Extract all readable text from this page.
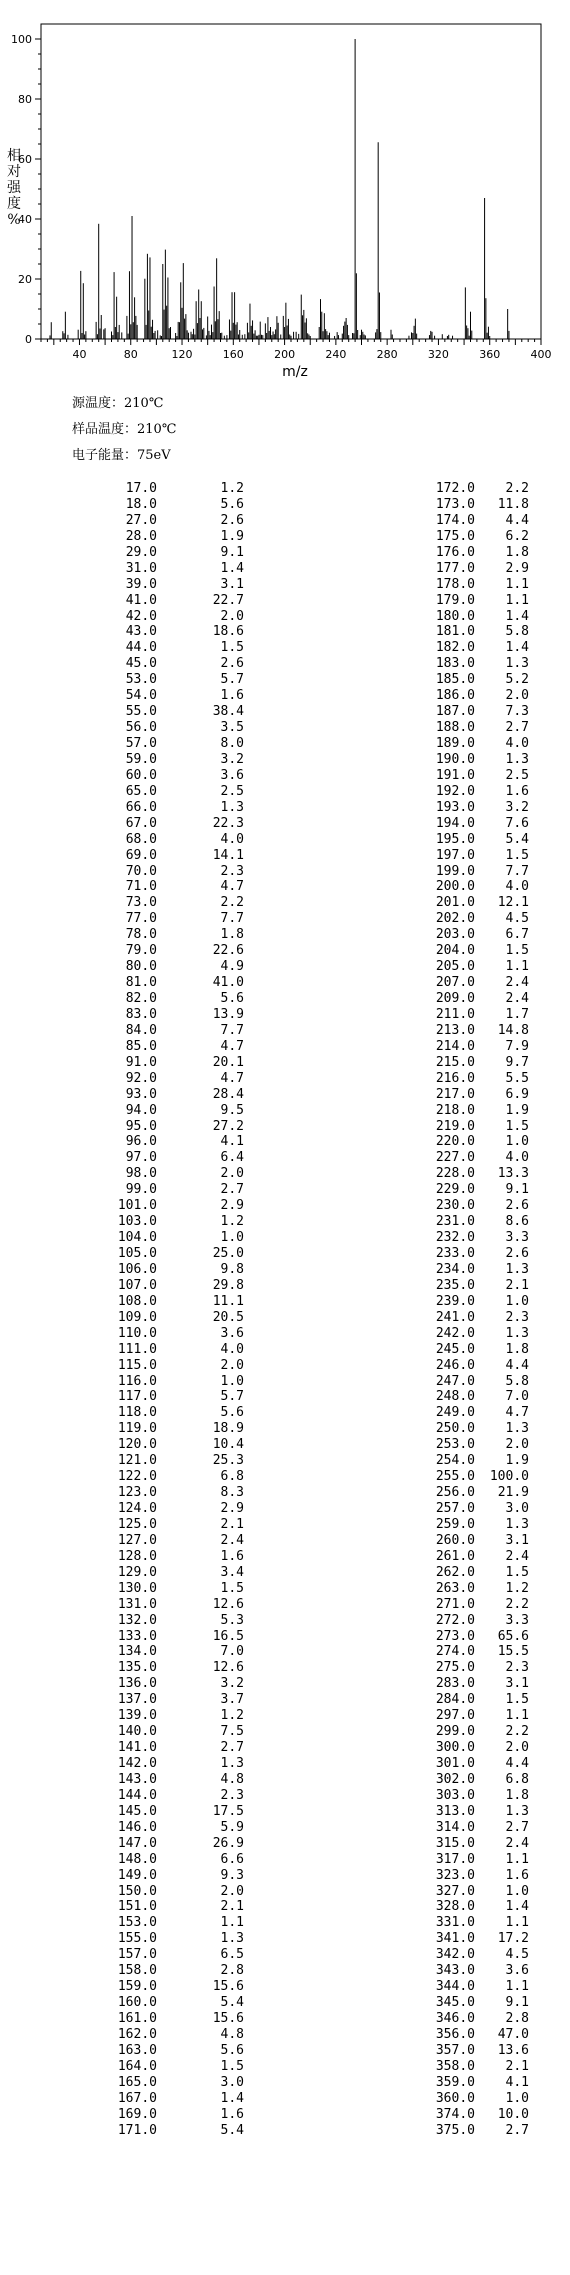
40	80	120	160	200	240	280	320	360	400
0
20
40
60
80
100
m/z
相
对
强
度
%
源温度：210℃
样品温度：210℃
电子能量：75eV
17.0	1.2
18.0	5.6
27.0	2.6
28.0	1.9
29.0	9.1
31.0	1.4
39.0	3.1
41.0	22.7
42.0	2.0
43.0	18.6
44.0	1.5
45.0	2.6
53.0	5.7
54.0	1.6
55.0	38.4
56.0	3.5
57.0	8.0
59.0	3.2
60.0	3.6
65.0	2.5
66.0	1.3
67.0	22.3
68.0	4.0
69.0	14.1
70.0	2.3
71.0	4.7
73.0	2.2
77.0	7.7
78.0	1.8
79.0	22.6
80.0	4.9
81.0	41.0
82.0	5.6
83.0	13.9
84.0	7.7
85.0	4.7
91.0	20.1
92.0	4.7
93.0	28.4
94.0	9.5
95.0	27.2
96.0	4.1
97.0	6.4
98.0	2.0
99.0	2.7
101.0	2.9
103.0	1.2
104.0	1.0
105.0	25.0
106.0	9.8
107.0	29.8
108.0	11.1
109.0	20.5
110.0	3.6
111.0	4.0
115.0	2.0
116.0	1.0
117.0	5.7
118.0	5.6
119.0	18.9
120.0	10.4
121.0	25.3
122.0	6.8
123.0	8.3
124.0	2.9
125.0	2.1
127.0	2.4
128.0	1.6
129.0	3.4
130.0	1.5
131.0	12.6
132.0	5.3
133.0	16.5
134.0	7.0
135.0	12.6
136.0	3.2
137.0	3.7
139.0	1.2
140.0	7.5
141.0	2.7
142.0	1.3
143.0	4.8
144.0	2.3
145.0	17.5
146.0	5.9
147.0	26.9
148.0	6.6
149.0	9.3
150.0	2.0
151.0	2.1
153.0	1.1
155.0	1.3
157.0	6.5
158.0	2.8
159.0	15.6
160.0	5.4
161.0	15.6
162.0	4.8
163.0	5.6
164.0	1.5
165.0	3.0
167.0	1.4
169.0	1.6
171.0	5.4
172.0 2.2
173.0 11.8
174.0 4.4
175.0 6.2
176.0 1.8
177.0 2.9
178.0 1.1
179.0 1.1
180.0 1.4
181.0 5.8
182.0 1.4
183.0 1.3
185.0 5.2
186.0 2.0
187.0 7.3
188.0 2.7
189.0 4.0
190.0 1.3
191.0 2.5
192.0 1.6
193.0 3.2
194.0 7.6
195.0 5.4
197.0 1.5
199.0 7.7
200.0 4.0
201.0 12.1
202.0 4.5
203.0 6.7
204.0 1.5
205.0 1.1
207.0 2.4
209.0 2.4
211.0 1.7
213.0 14.8
214.0 7.9
215.0 9.7
216.0 5.5
217.0 6.9
218.0 1.9
219.0 1.5
220.0 1.0
227.0 4.0
228.0 13.3
229.0 9.1
230.0 2.6
231.0 8.6
232.0 3.3
233.0 2.6
234.0 1.3
235.0 2.1
239.0 1.0
241.0 2.3
242.0 1.3
245.0 1.8
246.0 4.4
247.0 5.8
248.0 7.0
249.0 4.7
250.0 1.3
253.0 2.0
254.0 1.9
255.0 100.0
256.0 21.9
257.0 3.0
259.0 1.3
260.0 3.1
261.0 2.4
262.0 1.5
263.0 1.2
271.0 2.2
272.0 3.3
273.0 65.6
274.0 15.5
275.0 2.3
283.0 3.1
284.0 1.5
297.0 1.1
299.0 2.2
300.0 2.0
301.0 4.4
302.0 6.8
303.0 1.8
313.0 1.3
314.0 2.7
315.0 2.4
317.0 1.1
323.0 1.6
327.0 1.0
328.0 1.4
331.0 1.1
341.0 17.2
342.0 4.5
343.0 3.6
344.0 1.1
345.0 9.1
346.0 2.8
356.0 47.0
357.0 13.6
358.0 2.1
359.0 4.1
360.0 1.0
374.0 10.0
375.0 2.7
